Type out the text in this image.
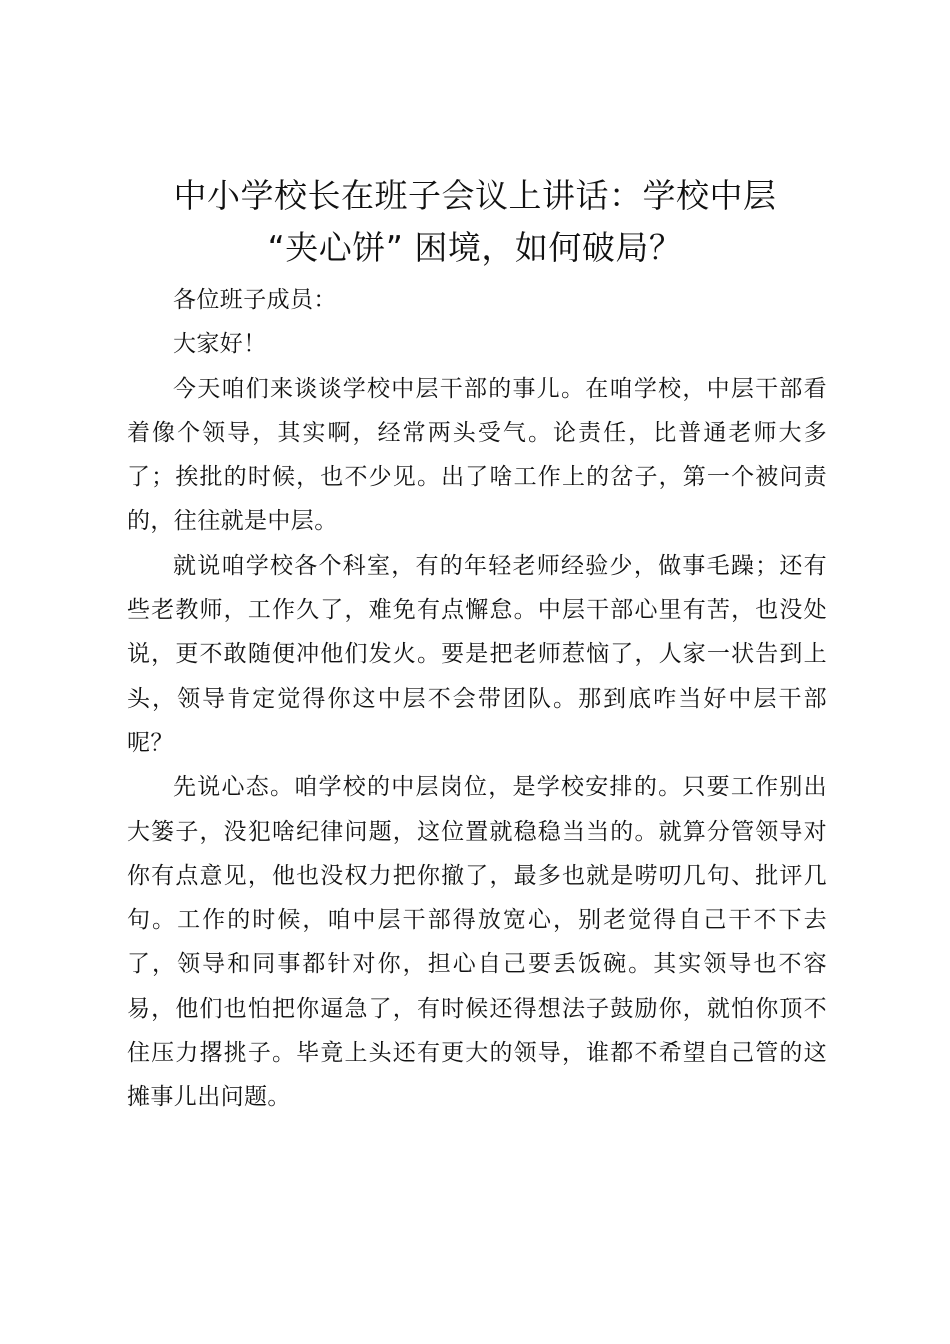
中小学校长在班子会议上讲话：学校中层
“夹心饼” 困境，如何破局？

各位班子成员：

大家好！

今天咱们来谈谈学校中层干部的事儿。在咱学校，中层干部看着像个领导，其实啊，经常两头受气。论责任，比普通老师大多了；挨批的时候，也不少见。出了啥工作上的岔子，第一个被问责的，往往就是中层。

就说咱学校各个科室，有的年轻老师经验少，做事毛躁；还有些老教师，工作久了，难免有点懈怠。中层干部心里有苦，也没处说，更不敢随便冲他们发火。要是把老师惹恼了，人家一状告到上头，领导肯定觉得你这中层不会带团队。那到底咋当好中层干部呢？

先说心态。咱学校的中层岗位，是学校安排的。只要工作别出大篓子，没犯啥纪律问题，这位置就稳稳当当的。就算分管领导对你有点意见，他也没权力把你撤了，最多也就是唠叨几句、批评几句。工作的时候，咱中层干部得放宽心，别老觉得自己干不下去了，领导和同事都针对你，担心自己要丢饭碗。其实领导也不容易，他们也怕把你逼急了，有时候还得想法子鼓励你，就怕你顶不住压力撂挑子。毕竟上头还有更大的领导，谁都不希望自己管的这摊事儿出问题。
